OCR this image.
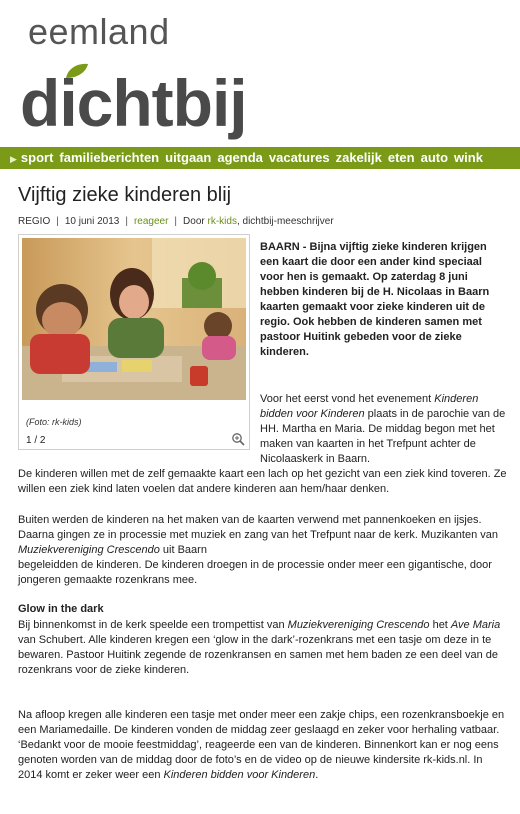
eemland
dichtbij
▶ sport familieberichten uitgaan agenda vacatures zakelijk eten auto wink
Vijftig zieke kinderen blij
REGIO | 10 juni 2013 | reageer | Door rk-kids, dichtbij-meeschrijver
(Foto: rk-kids)
1 / 2

BAARN - Bijna vijftig zieke kinderen krijgen een kaart die door een ander kind speciaal voor hen is gemaakt. Op zaterdag 8 juni hebben kinderen bij de H. Nicolaas in Baarn kaarten gemaakt voor zieke kinderen uit de regio. Ook hebben de kinderen samen met pastoor Huitink gebeden voor de zieke kinderen.

Voor het eerst vond het evenement Kinderen bidden voor Kinderen plaats in de parochie van de HH. Martha en Maria. De middag begon met het maken van kaarten in het Trefpunt achter de Nicolaaskerk in Baarn.

De kinderen willen met de zelf gemaakte kaart een lach op het gezicht van een ziek kind toveren. Ze willen een ziek kind laten voelen dat andere kinderen aan hem/haar denken.

Buiten werden de kinderen na het maken van de kaarten verwend met pannenkoeken en ijsjes. Daarna gingen ze in processie met muziek en zang van het Trefpunt naar de kerk. Muzikanten van Muziekvereniging Crescendo uit Baarn
begeleidden de kinderen. De kinderen droegen in de processie onder meer een gigantische, door jongeren gemaakte rozenkrans mee.

Glow in the dark

Bij binnenkomst in de kerk speelde een trompettist van Muziekvereniging Crescendo het Ave Maria van Schubert. Alle kinderen kregen een ‘glow in the dark’-rozenkrans met een tasje om deze in te bewaren. Pastoor Huitink zegende de rozenkransen en samen met hem baden ze een deel van de rozenkrans voor de zieke kinderen.

Na afloop kregen alle kinderen een tasje met onder meer een zakje chips, een rozenkransboekje en een Mariamedaille. De kinderen vonden de middag zeer geslaagd en zeker voor herhaling vatbaar. ‘Bedankt voor de mooie feestmiddag’, reageerde een van de kinderen. Binnenkort kan er nog eens genoten worden van de middag door de foto’s en de video op de nieuwe kindersite rk-kids.nl. In 2014 komt er zeker weer een Kinderen bidden voor Kinderen.
